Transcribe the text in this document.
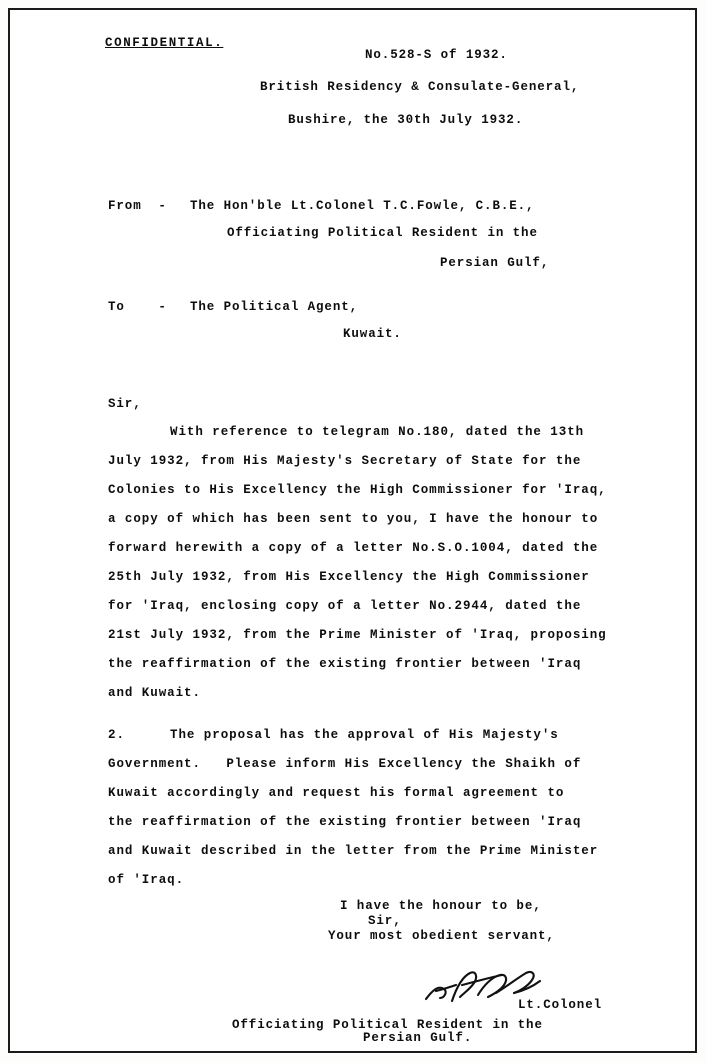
CONFIDENTIAL.
No.528-S of 1932.
British Residency & Consulate-General,
Bushire, the 30th July 1932.
From  - The Hon'ble Lt.Colonel T.C.Fowle, C.B.E.,
Officiating Political Resident in the
Persian Gulf,
To    - The Political Agent,
Kuwait.
Sir,
With reference to telegram No.180, dated the 13th
July 1932, from His Majesty's Secretary of State for the
Colonies to His Excellency the High Commissioner for 'Iraq,
a copy of which has been sent to you, I have the honour to
forward herewith a copy of a letter No.S.O.1004, dated the
25th July 1932, from His Excellency the High Commissioner
for 'Iraq, enclosing copy of a letter No.2944, dated the
21st July 1932, from the Prime Minister of 'Iraq, proposing
the reaffirmation of the existing frontier between 'Iraq
and Kuwait.
2.	The proposal has the approval of His Majesty's
Government.   Please inform His Excellency the Shaikh of
Kuwait accordingly and request his formal agreement to
the reaffirmation of the existing frontier between 'Iraq
and Kuwait described in the letter from the Prime Minister
of 'Iraq.
I have the honour to be,
Sir,
Your most obedient servant,
Lt.Colonel
Officiating Political Resident in the
Persian Gulf.
